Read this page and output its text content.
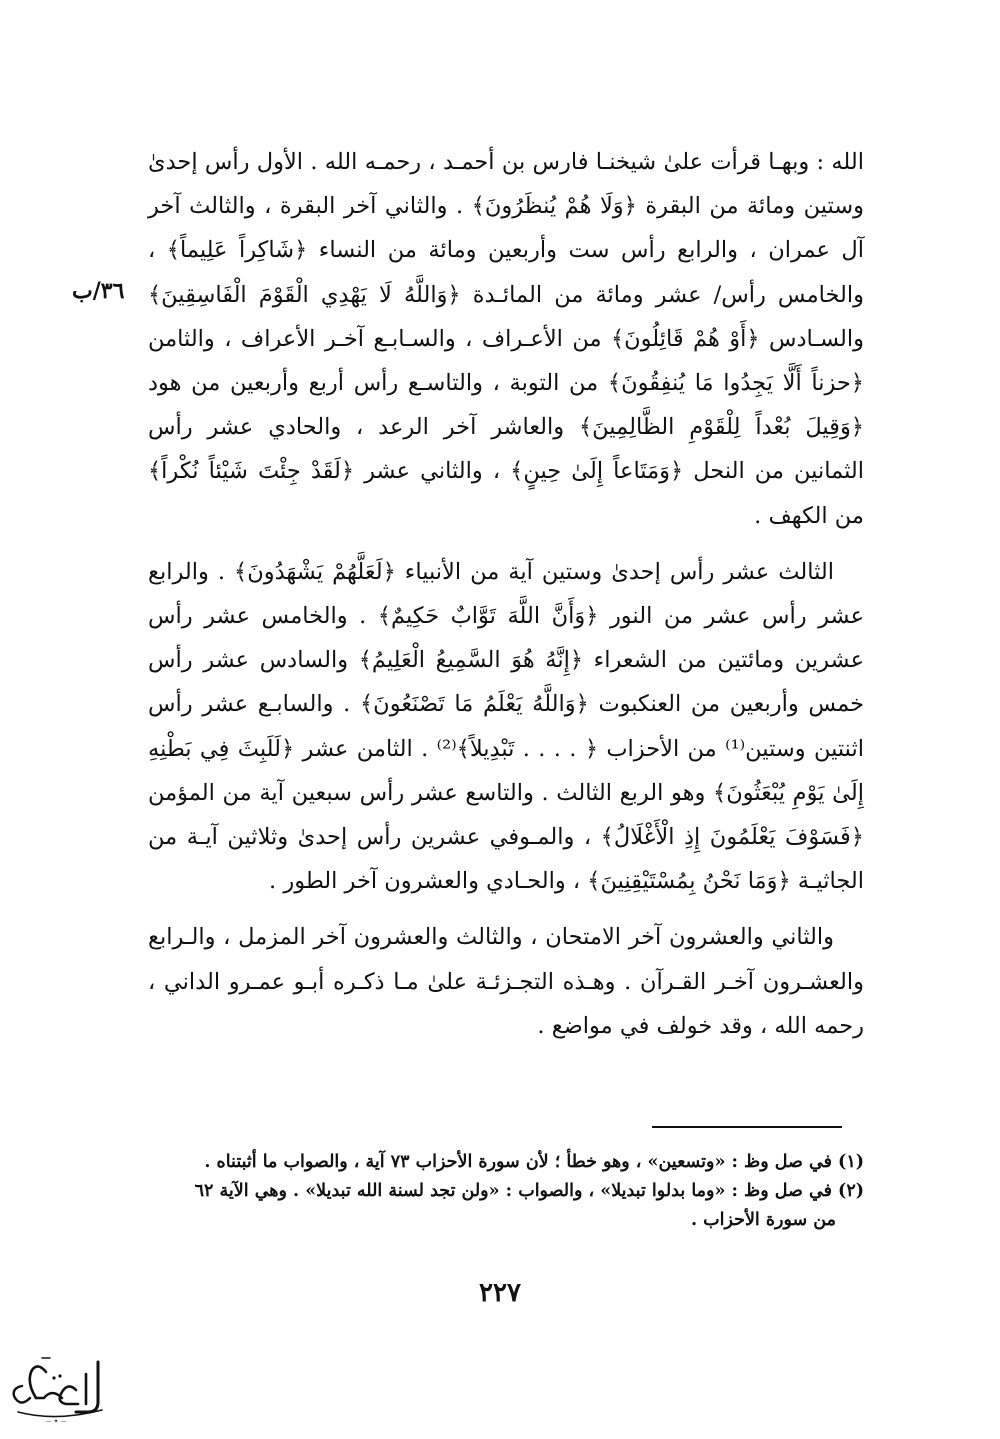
٣٦/ب

الله : وبهـا قرأت علىٰ شيخنـا فارس بن أحمـد ، رحمـه الله . الأول رأس إحدىٰ وستين ومائة من البقرة ﴿وَلَا هُمْ يُنظَرُونَ﴾ . والثاني آخر البقرة ، والثالث آخر آل عمران ، والرابع رأس ست وأربعين ومائة من النساء ﴿شَاكِراً عَلِيماً﴾ ، والخامس رأس/ عشر ومائة من المائـدة ﴿وَاللَّهُ لَا يَهْدِي الْقَوْمَ الْفَاسِقِينَ﴾ والسـادس ﴿أَوْ هُمْ قَائِلُونَ﴾ من الأعـراف ، والسـابـع آخـر الأعراف ، والثامن ﴿حزناً أَلَّا يَجِدُوا مَا يُنفِقُونَ﴾ من التوبة ، والتاسـع رأس أربع وأربعين من هود ﴿وَقِيلَ بُعْداً لِلْقَوْمِ الظَّالِمِينَ﴾ والعاشر آخر الرعد ، والحادي عشر رأس الثمانين من النحل ﴿وَمَتَاعاً إِلَىٰ حِينٍ﴾ ، والثاني عشر ﴿لَقَدْ جِئْتَ شَيْئاً نُكْراً﴾ من الكهف .

الثالث عشر رأس إحدىٰ وستين آية من الأنبياء ﴿لَعَلَّهُمْ يَشْهَدُونَ﴾ . والرابع عشر رأس عشر من النور ﴿وَأَنَّ اللَّهَ تَوَّابٌ حَكِيمٌ﴾ . والخامس عشر رأس عشرين ومائتين من الشعراء ﴿إِنَّهُ هُوَ السَّمِيعُ الْعَلِيمُ﴾ والسادس عشر رأس خمس وأربعين من العنكبوت ﴿وَاللَّهُ يَعْلَمُ مَا تَصْنَعُونَ﴾ . والسابـع عشر رأس اثنتين وستين⁽¹⁾ من الأحزاب ﴿ . . . . تَبْدِيلاً﴾⁽²⁾ . الثامن عشر ﴿لَلَبِثَ فِي بَطْنِهِ إِلَىٰ يَوْمِ يُبْعَثُونَ﴾ وهو الربع الثالث . والتاسع عشر رأس سبعين آية من المؤمن ﴿فَسَوْفَ يَعْلَمُونَ إِذِ الْأَغْلَالُ﴾ ، والمـوفي عشرين رأس إحدىٰ وثلاثين آيـة من الجاثيـة ﴿وَمَا نَحْنُ بِمُسْتَيْقِنِينَ﴾ ، والحـادي والعشرون آخر الطور .

والثاني والعشرون آخر الامتحان ، والثالث والعشرون آخر المزمل ، والـرابع والعشـرون آخـر القـرآن . وهـذه التجـزئـة علىٰ مـا ذكـره أبـو عمـرو الداني ، رحمه الله ، وقد خولف في مواضع .

(١) في صل وظ : «وتسعين» ، وهو خطأ ؛ لأن سورة الأحزاب ٧٣ آية ، والصواب ما أثبتناه .

(٢) في صل وظ : «وما بدلوا تبديلا» ، والصواب : «ولن تجد لسنة الله تبديلا» . وهي الآية ٦٢

من سورة الأحزاب .

٢٢٧
— ✦ —
